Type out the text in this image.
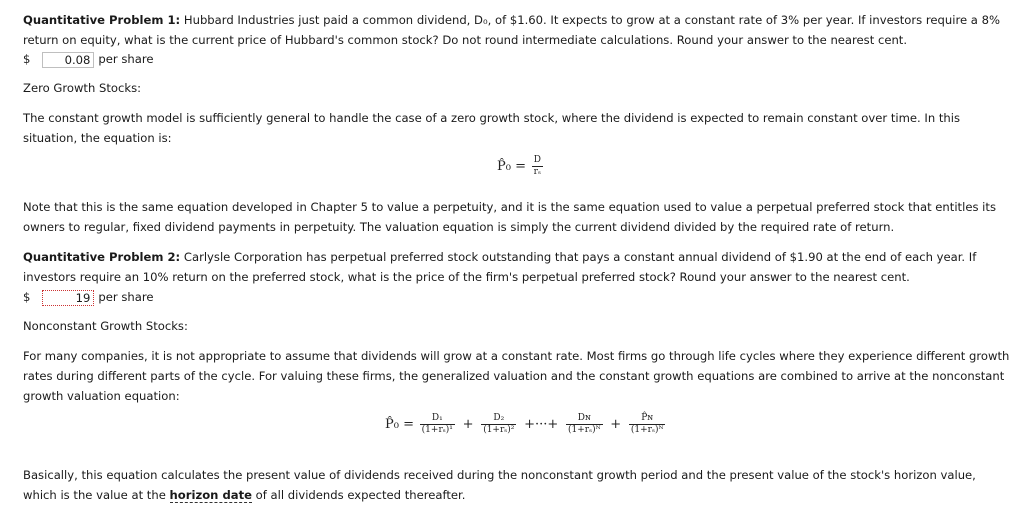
Quantitative Problem 1: Hubbard Industries just paid a common dividend, D₀, of $1.60. It expects to grow at a constant rate of 3% per year. If investors require a 8% return on equity, what is the current price of Hubbard's common stock? Do not round intermediate calculations. Round your answer to the nearest cent.
$0.08	per share
Zero Growth Stocks:
The constant growth model is sufficiently general to handle the case of a zero growth stock, where the dividend is expected to remain constant over time. In this situation, the equation is:
P̂₀ = $\frac{D}{\text{rₛ}}$
Note that this is the same equation developed in Chapter 5 to value a perpetuity, and it is the same equation used to value a perpetual preferred stock that entitles its owners to regular, fixed dividend payments in perpetuity. The valuation equation is simply the current dividend divided by the required rate of return.
Quantitative Problem 2: Carlysle Corporation has perpetual preferred stock outstanding that pays a constant annual dividend of $1.90 at the end of each year. If investors require an 10% return on the preferred stock, what is the price of the firm's perpetual preferred stock? Round your answer to the nearest cent.
$19	per share
Nonconstant Growth Stocks:
For many companies, it is not appropriate to assume that dividends will grow at a constant rate. Most firms go through life cycles where they experience different growth rates during different parts of the cycle. For valuing these firms, the generalized valuation and the constant growth equations are combined to arrive at the nonconstant growth valuation equation:
P̂₀ = $\frac{\text{D₁}}{\text{(1+rₛ)¹}} + \frac{\text{D₂}}{\text{(1+rₛ)²}}$ +···+ $\frac{\text{Dɴ}}{\text{(1+rₛ)ᴺ}} + \frac{\text{P̂ɴ}}{\text{(1+rₛ)ᴺ}}$
Basically, this equation calculates the present value of dividends received during the nonconstant growth period and the present value of the stock's horizon value, which is the value at the horizon date of all dividends expected thereafter.
